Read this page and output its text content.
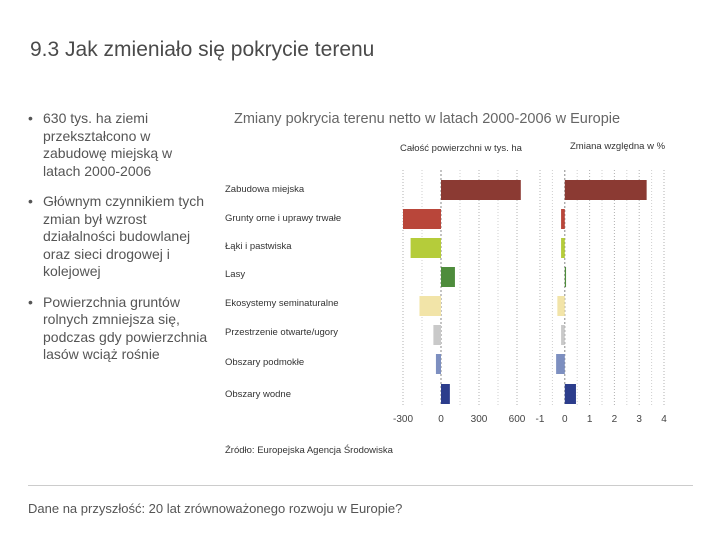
9.3 Jak zmieniało się pokrycie terenu
• 630 tys. ha ziemi przekształcono w zabudowę miejską w latach 2000-2006
• Głównym czynnikiem tych zmian był wzrost działalności budowlanej oraz sieci drogowej i kolejowej
• Powierzchnia gruntów rolnych zmniejsza się, podczas gdy powierzchnia lasów wciąż rośnie
Zmiany pokrycia terenu netto w latach 2000-2006 w Europie
Całość powierzchni w tys. ha	Zmiana względna w %
Zabudowa miejska
Grunty orne i uprawy trwałe
Łąki i pastwiska
Lasy
Ekosystemy seminaturalne
Przestrzenie otwarte/ugory
Obszary podmokłe
Obszary wodne
-300	0	300 600 -1 0 1 2 3 4
Źródło: Europejska Agencja Środowiska
Dane na przyszłość: 20 lat zrównoważonego rozwoju w Europie?
